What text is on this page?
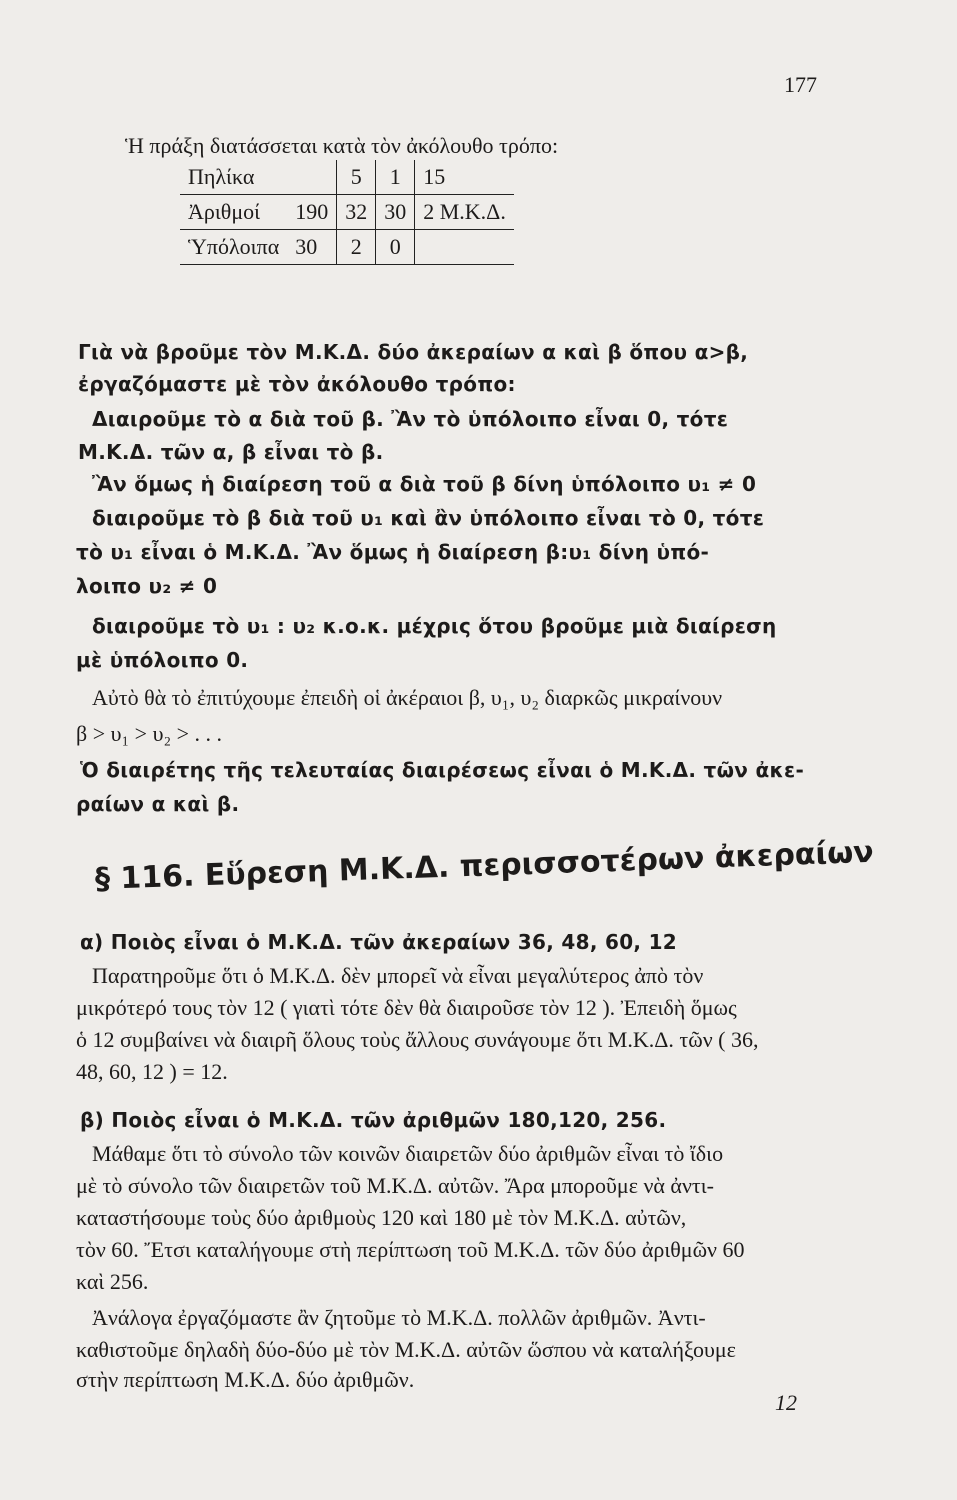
177
Ἡ πράξη διατάσσεται κατὰ τὸν ἀκόλουθο τρόπο:
Πηλίκα		5	1	15
Ἀριθμοί	190	32	30	2 Μ.Κ.Δ.
Ὑπόλοιπα	30	2	0	
Γιὰ νὰ βροῦμε τὸν Μ.Κ.Δ. δύο ἀκεραίων α καὶ β ὅπου α>β,
ἐργαζόμαστε μὲ τὸν ἀκόλουθο τρόπο:
Διαιροῦμε τὸ α διὰ τοῦ β. Ἂν τὸ ὑπόλοιπο εἶναι 0, τότε
Μ.Κ.Δ. τῶν α, β εἶναι τὸ β.
Ἂν ὅμως ἡ διαίρεση τοῦ α διὰ τοῦ β δίνη ὑπόλοιπο υ₁ ≠ 0
διαιροῦμε τὸ β διὰ τοῦ υ₁ καὶ ἂν ὑπόλοιπο εἶναι τὸ 0, τότε
τὸ υ₁ εἶναι ὁ Μ.Κ.Δ. Ἂν ὅμως ἡ διαίρεση β:υ₁ δίνη ὑπό-
λοιπο υ₂ ≠ 0
διαιροῦμε τὸ υ₁ : υ₂ κ.ο.κ. μέχρις ὅτου βροῦμε μιὰ διαίρεση
μὲ ὑπόλοιπο 0.
Αὐτὸ θὰ τὸ ἐπιτύχουμε ἐπειδὴ οἱ ἀκέραιοι β, υ₁, υ₂ διαρκῶς μικραίνουν
β > υ₁ > υ₂ > . . .
Ὁ διαιρέτης τῆς τελευταίας διαιρέσεως εἶναι ὁ Μ.Κ.Δ. τῶν ἀκε-
ραίων α καὶ β.
§ 116. Εὕρεση Μ.Κ.Δ. περισσοτέρων ἀκεραίων
α) Ποιὸς εἶναι ὁ Μ.Κ.Δ. τῶν ἀκεραίων 36, 48, 60, 12
Παρατηροῦμε ὅτι ὁ Μ.Κ.Δ. δὲν μπορεῖ νὰ εἶναι μεγαλύτερος ἀπὸ τὸν
μικρότερό τους τὸν 12 ( γιατὶ τότε δὲν θὰ διαιροῦσε τὸν 12 ). Ἐπειδὴ ὅμως
ὁ 12 συμβαίνει νὰ διαιρῆ ὅλους τοὺς ἄλλους συνάγουμε ὅτι Μ.Κ.Δ. τῶν ( 36,
48, 60, 12 ) = 12.
β) Ποιὸς εἶναι ὁ Μ.Κ.Δ. τῶν ἀριθμῶν 180,120, 256.
Μάθαμε ὅτι τὸ σύνολο τῶν κοινῶν διαιρετῶν δύο ἀριθμῶν εἶναι τὸ ἴδιο
μὲ τὸ σύνολο τῶν διαιρετῶν τοῦ Μ.Κ.Δ. αὐτῶν. Ἄρα μποροῦμε νὰ ἀντι-
καταστήσουμε τοὺς δύο ἀριθμοὺς 120 καὶ 180 μὲ τὸν Μ.Κ.Δ. αὐτῶν,
τὸν 60. Ἔτσι καταλήγουμε στὴ περίπτωση τοῦ Μ.Κ.Δ. τῶν δύο ἀριθμῶν 60
καὶ 256.
Ἀνάλογα ἐργαζόμαστε ἂν ζητοῦμε τὸ Μ.Κ.Δ. πολλῶν ἀριθμῶν. Ἀντι-
καθιστοῦμε δηλαδὴ δύο-δύο μὲ τὸν Μ.Κ.Δ. αὐτῶν ὥσπου νὰ καταλήξουμε
στὴν περίπτωση Μ.Κ.Δ. δύο ἀριθμῶν.
12
